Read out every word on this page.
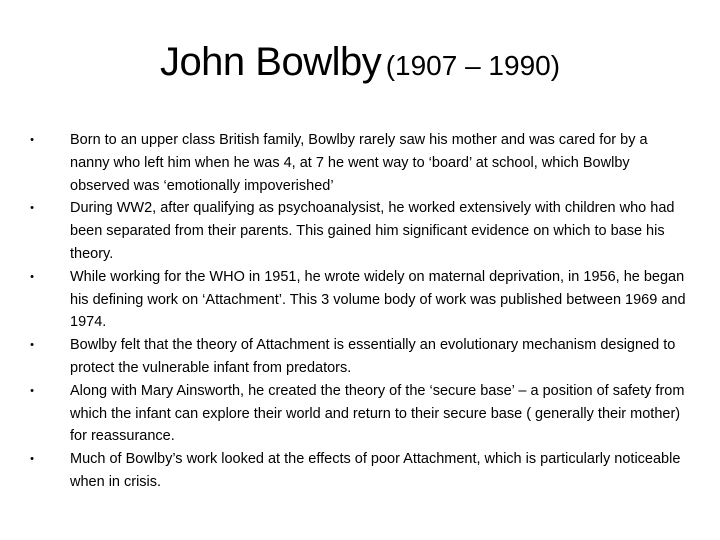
John Bowlby (1907 – 1990)
• Born to an upper class British family, Bowlby rarely saw his mother and was cared for by a nanny who left him when he was 4, at 7 he went way to ‘board’ at school, which Bowlby observed was ‘emotionally impoverished’
• During WW2, after qualifying as psychoanalysist, he worked extensively with children who had been separated from their parents. This gained him significant evidence on which to base his theory.
• While working for the WHO in 1951, he wrote widely on maternal deprivation, in 1956, he began his defining work on ‘Attachment’. This 3 volume body of work was published between 1969 and 1974.
• Bowlby felt that the theory of Attachment is essentially an evolutionary mechanism designed to protect the vulnerable infant from predators.
• Along with Mary Ainsworth, he created the theory of the ‘secure base’ – a position of safety from which the infant can explore their world and return to their secure base ( generally their mother) for reassurance.
• Much of Bowlby’s work looked at the effects of poor Attachment, which is particularly noticeable when in crisis.
